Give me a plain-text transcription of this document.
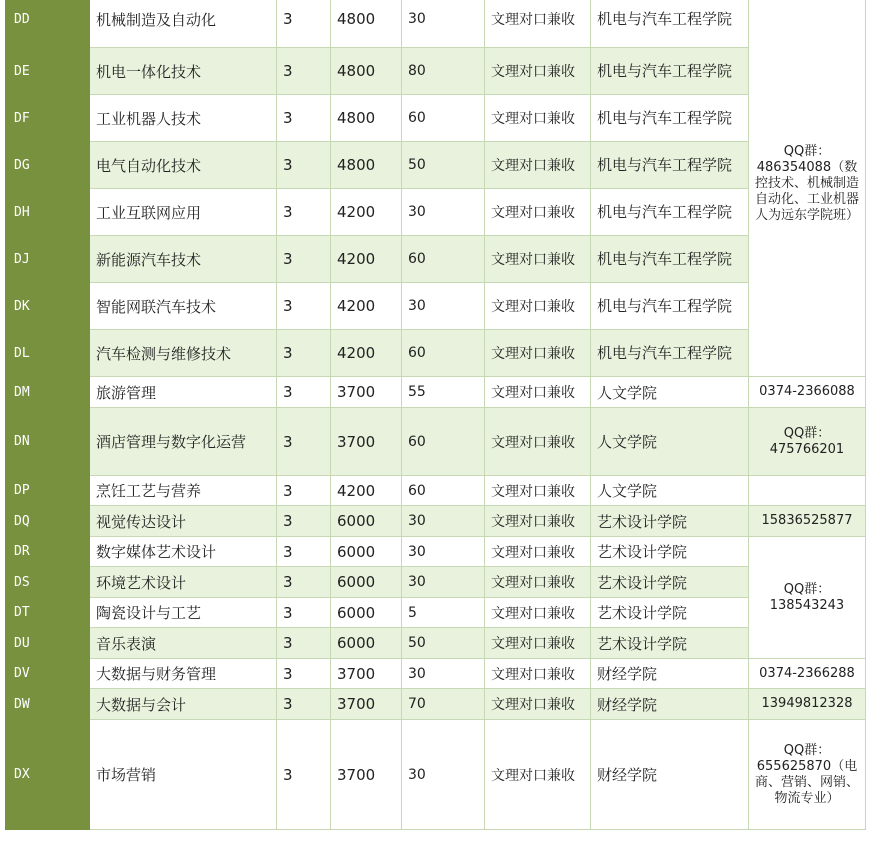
DD	机械制造及自动化	3	4800	30	文理对口兼收	机电与汽车工程学院	QQ群：486354088（数控技术、机械制造自动化、工业机器人为远东学院班）
DE	机电一体化技术	3	4800	80	文理对口兼收	机电与汽车工程学院	

DF	工业机器人技术	3	4800	60	文理对口兼收	机电与汽车工程学院	

DG	电气自动化技术	3	4800	50	文理对口兼收	机电与汽车工程学院	

DH	工业互联网应用	3	4200	30	文理对口兼收	机电与汽车工程学院	

DJ	新能源汽车技术	3	4200	60	文理对口兼收	机电与汽车工程学院	

DK	智能网联汽车技术	3	4200	30	文理对口兼收	机电与汽车工程学院	

DL	汽车检测与维修技术	3	4200	60	文理对口兼收	机电与汽车工程学院	

DM	旅游管理	3	3700	55	文理对口兼收	人文学院	0374-2366088
DN	酒店管理与数字化运营	3	3700	60	文理对口兼收	人文学院	QQ群：475766201
DP	烹饪工艺与营养	3	4200	60	文理对口兼收	人文学院	
DQ	视觉传达设计	3	6000	30	文理对口兼收	艺术设计学院	15836525877
DR	数字媒体艺术设计	3	6000	30	文理对口兼收	艺术设计学院	QQ群：138543243
DS	环境艺术设计	3	6000	30	文理对口兼收	艺术设计学院	
DT	陶瓷设计与工艺	3	6000	5	文理对口兼收	艺术设计学院	
DU	音乐表演	3	6000	50	文理对口兼收	艺术设计学院	
DV	大数据与财务管理	3	3700	30	文理对口兼收	财经学院	0374-2366288
DW	大数据与会计	3	3700	70	文理对口兼收	财经学院	13949812328
DX	市场营销	3	3700	30	文理对口兼收	财经学院	QQ群：655625870（电商、营销、网销、物流专业）
